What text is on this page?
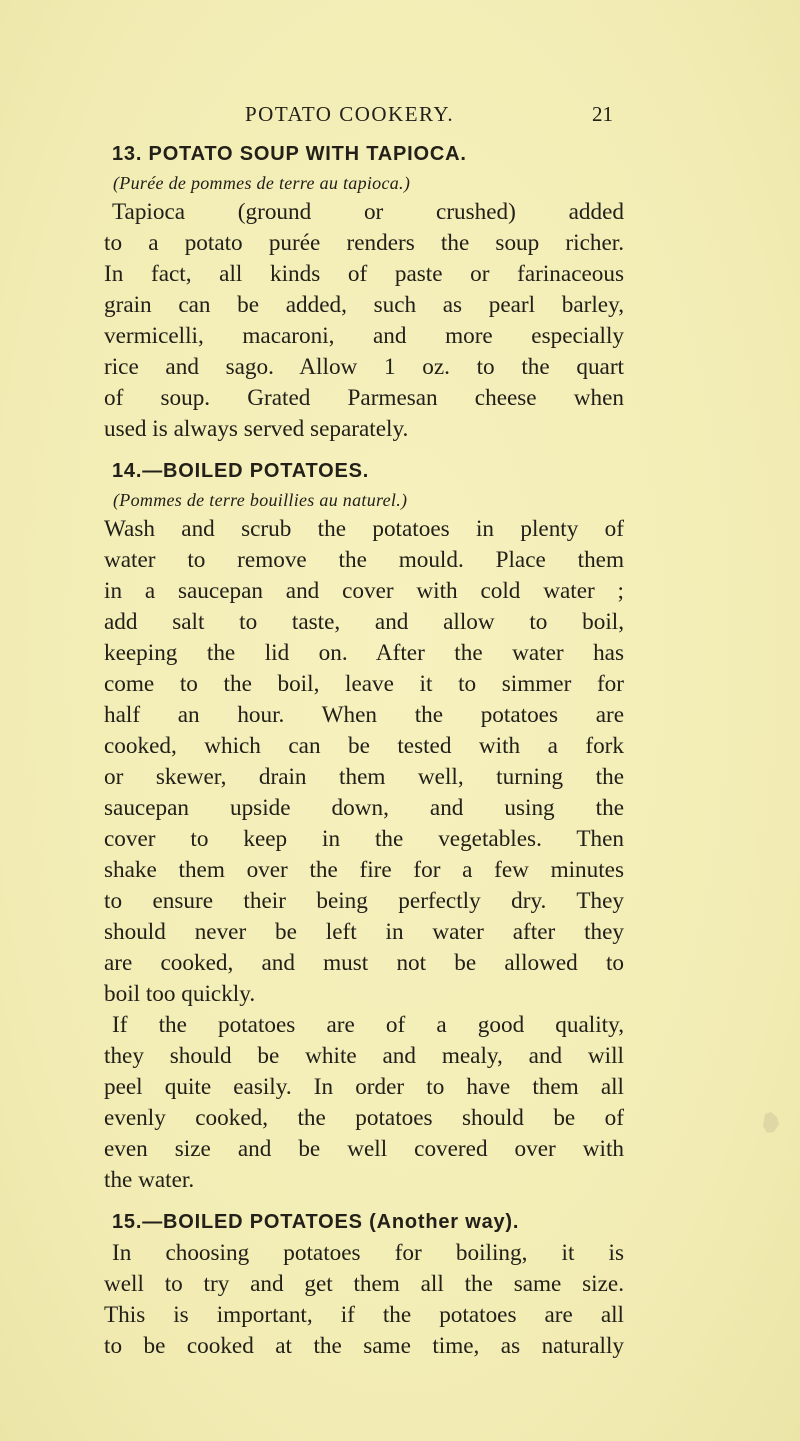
POTATO COOKERY.	21
13. POTATO SOUP WITH TAPIOCA.
(Purée de pommes de terre au tapioca.)
Tapioca (ground or crushed) added
to a potato purée renders the soup richer.
In fact, all kinds of paste or farinaceous
grain can be added, such as pearl barley,
vermicelli, macaroni, and more especially
rice and sago. Allow 1 oz. to the quart
of soup. Grated Parmesan cheese when
used is always served separately.
14.—BOILED POTATOES.
(Pommes de terre bouillies au naturel.)
Wash and scrub the potatoes in plenty of
water to remove the mould. Place them
in a saucepan and cover with cold water ;
add salt to taste, and allow to boil,
keeping the lid on. After the water has
come to the boil, leave it to simmer for
half an hour. When the potatoes are
cooked, which can be tested with a fork
or skewer, drain them well, turning the
saucepan upside down, and using the
cover to keep in the vegetables. Then
shake them over the fire for a few minutes
to ensure their being perfectly dry. They
should never be left in water after they
are cooked, and must not be allowed to
boil too quickly.
If the potatoes are of a good quality,
they should be white and mealy, and will
peel quite easily. In order to have them all
evenly cooked, the potatoes should be of
even size and be well covered over with
the water.
15.—BOILED POTATOES (Another way).
In choosing potatoes for boiling, it is
well to try and get them all the same size.
This is important, if the potatoes are all
to be cooked at the same time, as naturally
